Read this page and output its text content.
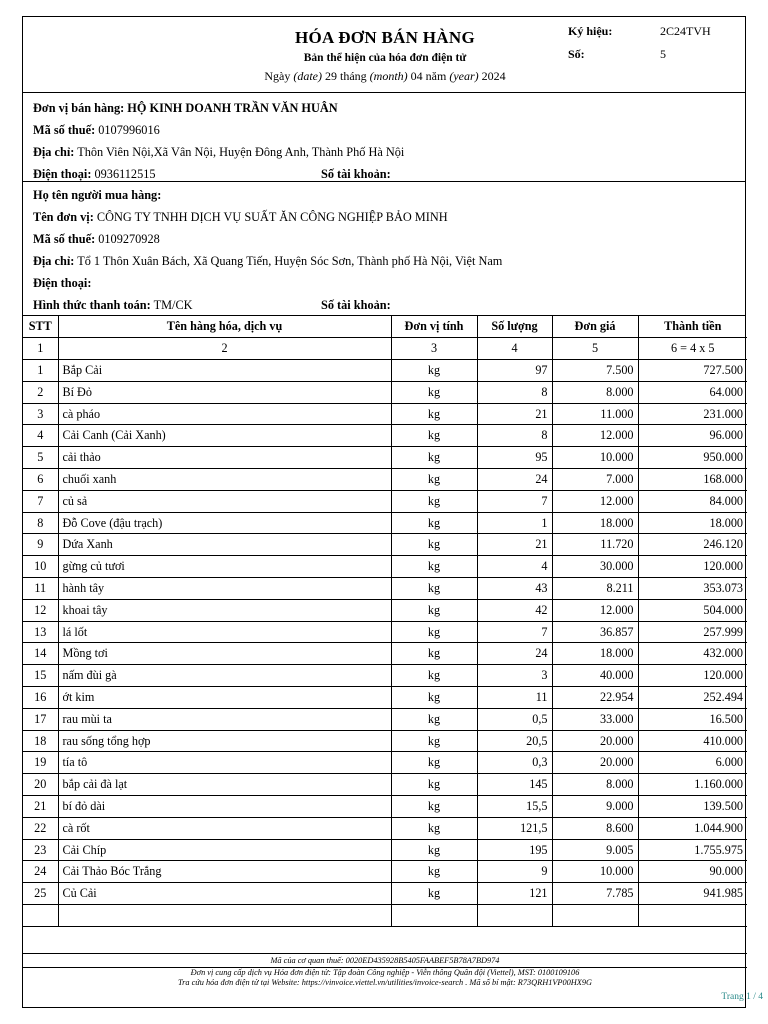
HÓA ĐƠN BÁN HÀNG
Bản thể hiện của hóa đơn điện tử
Ngày (date) 29 tháng (month) 04 năm (year) 2024
Ký hiệu:	2C24TVH
Số:	5
Đơn vị bán hàng: HỘ KINH DOANH TRẦN VĂN HUÂN
Mã số thuế: 0107996016
Địa chỉ: Thôn Viên Nội,Xã Vân Nội, Huyện Đông Anh, Thành Phố Hà Nội
Điện thoại: 0936112515	Số tài khoản:
Họ tên người mua hàng:
Tên đơn vị: CÔNG TY TNHH DỊCH VỤ SUẤT ĂN CÔNG NGHIỆP BẢO MINH
Mã số thuế: 0109270928
Địa chỉ: Tổ 1 Thôn Xuân Bách, Xã Quang Tiến, Huyện Sóc Sơn, Thành phố Hà Nội, Việt Nam
Điện thoại:
Hình thức thanh toán: TM/CK	Số tài khoản:
STT	Tên hàng hóa, dịch vụ	Đơn vị tính	Số lượng	Đơn giá	Thành tiền
1	2	3	4	5	6 = 4 x 5
1	Bắp Cải	kg	97	7.500	727.500
2	Bí Đỏ	kg	8	8.000	64.000
3	cà pháo	kg	21	11.000	231.000
4	Cải Canh (Cải Xanh)	kg	8	12.000	96.000
5	cải thảo	kg	95	10.000	950.000
6	chuối xanh	kg	24	7.000	168.000
7	củ sả	kg	7	12.000	84.000
8	Đỗ Cove (đậu trạch)	kg	1	18.000	18.000
9	Dứa Xanh	kg	21	11.720	246.120
10	gừng củ tươi	kg	4	30.000	120.000
11	hành tây	kg	43	8.211	353.073
12	khoai tây	kg	42	12.000	504.000
13	lá lốt	kg	7	36.857	257.999
14	Mồng tơi	kg	24	18.000	432.000
15	nấm đùi gà	kg	3	40.000	120.000
16	ớt kim	kg	11	22.954	252.494
17	rau mùi ta	kg	0,5	33.000	16.500
18	rau sống tổng hợp	kg	20,5	20.000	410.000
19	tía tô	kg	0,3	20.000	6.000
20	bắp cải đà lạt	kg	145	8.000	1.160.000
21	bí đỏ dài	kg	15,5	9.000	139.500
22	cà rốt	kg	121,5	8.600	1.044.900
23	Cải Chíp	kg	195	9.005	1.755.975
24	Cải Thảo Bóc Trắng	kg	9	10.000	90.000
25	Củ Cải	kg	121	7.785	941.985

Mã của cơ quan thuế: 0020ED435928B5405FAABEF5B78A7BD974
Đơn vị cung cấp dịch vụ Hóa đơn điện tử: Tập đoàn Công nghiệp - Viễn thông Quân đội (Viettel), MST: 0100109106
Tra cứu hóa đơn điện tử tại Website: https://vinvoice.viettel.vn/utilities/invoice-search . Mã số bí mật: R73QRH1VP00HX9G
Trang 1 / 4
